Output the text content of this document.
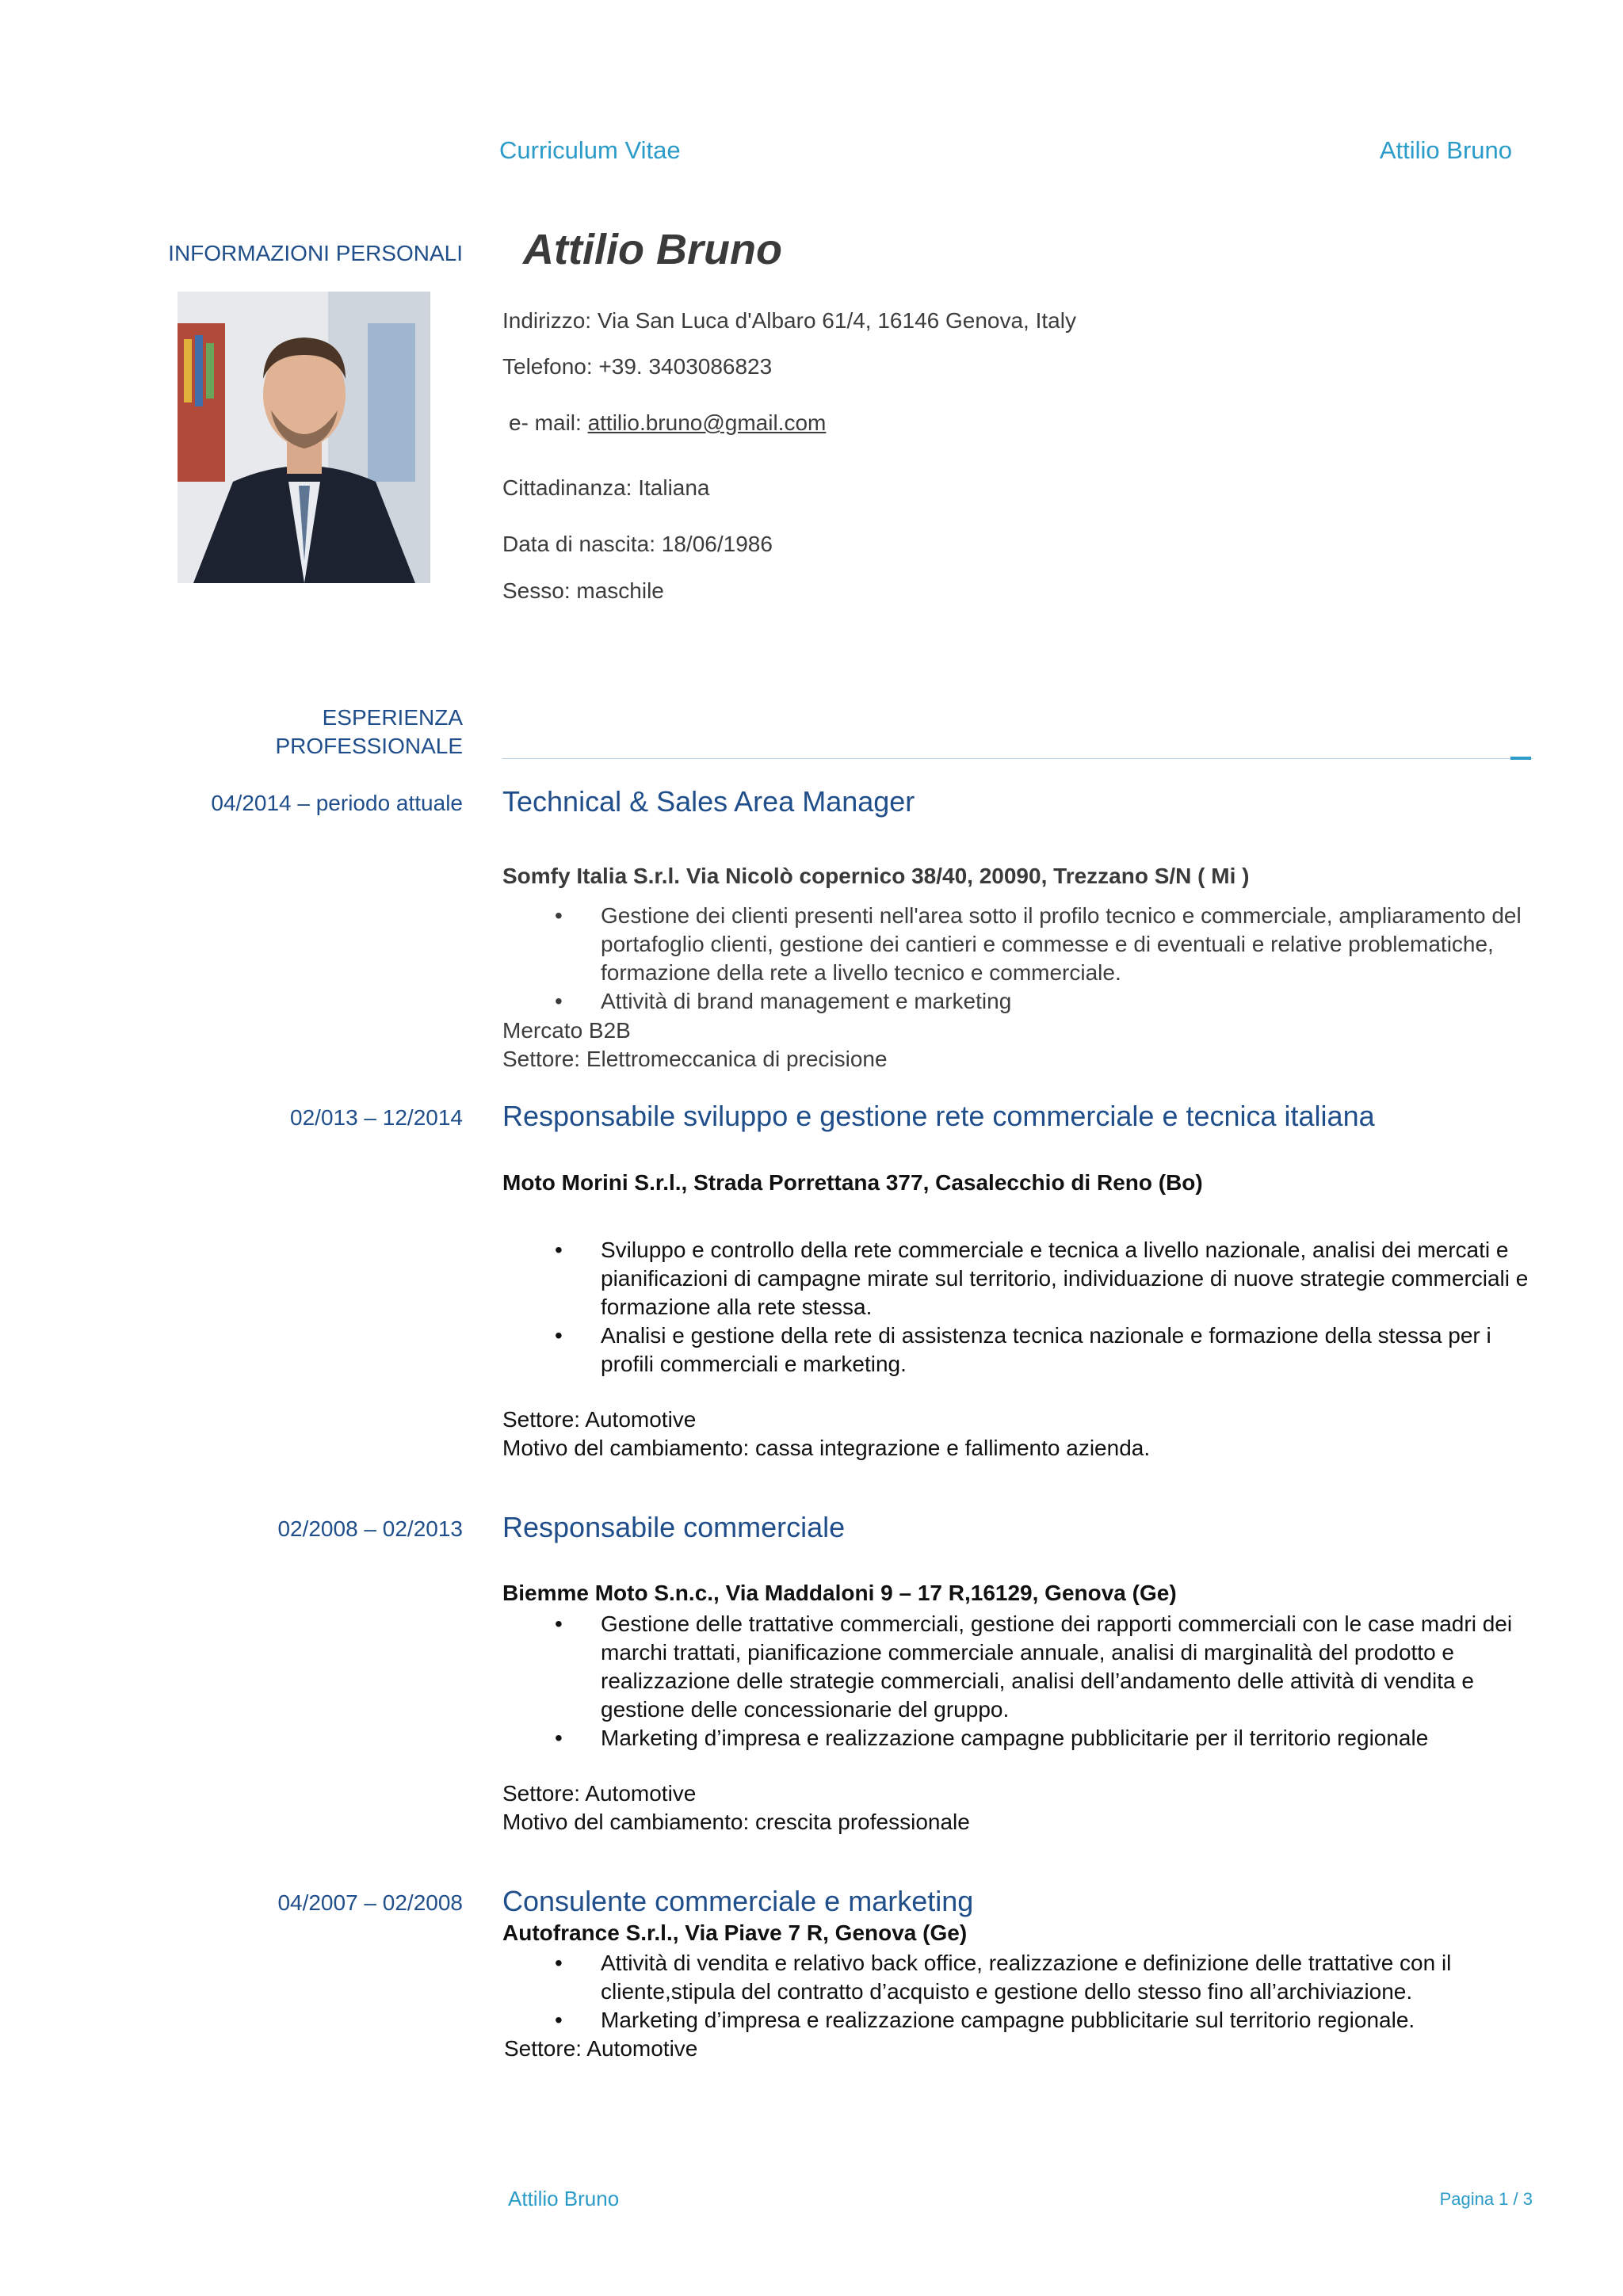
Curriculum Vitae	Attilio Bruno
INFORMAZIONI PERSONALI Attilio Bruno
Indirizzo: Via San Luca d'Albaro 61/4, 16146 Genova, Italy
Telefono: +39. 3403086823
e- mail: attilio.bruno@gmail.com
Cittadinanza: Italiana
Data di nascita: 18/06/1986
Sesso: maschile
ESPERIENZA
PROFESSIONALE
04/2014 – periodo attuale Technical & Sales Area Manager
Somfy Italia S.r.l. Via Nicolò copernico 38/40, 20090, Trezzano S/N ( Mi )
• Gestione dei clienti presenti nell'area sotto il profilo tecnico e commerciale, ampliaramento del portafoglio clienti, gestione dei cantieri e commesse e di eventuali e relative problematiche, formazione della rete a livello tecnico e commerciale.
• Attività di brand management e marketing
Mercato B2B
Settore: Elettromeccanica di precisione
02/013 – 12/2014 Responsabile sviluppo e gestione rete commerciale e tecnica italiana
Moto Morini S.r.l., Strada Porrettana 377, Casalecchio di Reno (Bo)
• Sviluppo e controllo della rete commerciale e tecnica a livello nazionale, analisi dei mercati e pianificazioni di campagne mirate sul territorio, individuazione di nuove strategie commerciali e formazione alla rete stessa.
• Analisi e gestione della rete di assistenza tecnica nazionale e formazione della stessa per i profili commerciali e marketing.
Settore: Automotive
Motivo del cambiamento: cassa integrazione e fallimento azienda.
02/2008 – 02/2013 Responsabile commerciale
Biemme Moto S.n.c., Via Maddaloni 9 – 17 R,16129, Genova (Ge)
• Gestione delle trattative commerciali, gestione dei rapporti commerciali con le case madri dei marchi trattati, pianificazione commerciale annuale, analisi di marginalità del prodotto e realizzazione delle strategie commerciali, analisi dell’andamento delle attività di vendita e gestione delle concessionarie del gruppo.
• Marketing d’impresa e realizzazione campagne pubblicitarie per il territorio regionale
Settore: Automotive
Motivo del cambiamento: crescita professionale
04/2007 – 02/2008 Consulente commerciale e marketing
Autofrance S.r.l., Via Piave 7 R, Genova (Ge)
• Attività di vendita e relativo back office, realizzazione e definizione delle trattative con il cliente,stipula del contratto d’acquisto e gestione dello stesso fino all’archiviazione.
• Marketing d’impresa e realizzazione campagne pubblicitarie sul territorio regionale.
Settore: Automotive
Attilio Bruno	Pagina 1 / 3
